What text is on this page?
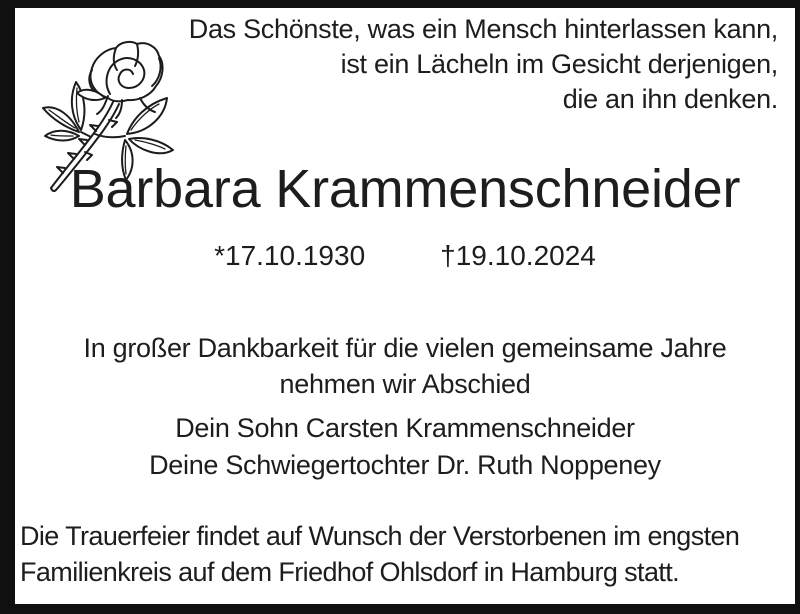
Das Schönste, was ein Mensch hinterlassen kann,
ist ein Lächeln im Gesicht derjenigen,
die an ihn denken.
Barbara Krammenschneider
*17.10.1930	†19.10.2024
In großer Dankbarkeit für die vielen gemeinsame Jahre
nehmen wir Abschied
Dein Sohn Carsten Krammenschneider
Deine Schwiegertochter Dr. Ruth Noppeney
Die Trauerfeier findet auf Wunsch der Verstorbenen im engsten
Familienkreis auf dem Friedhof Ohlsdorf in Hamburg statt.
